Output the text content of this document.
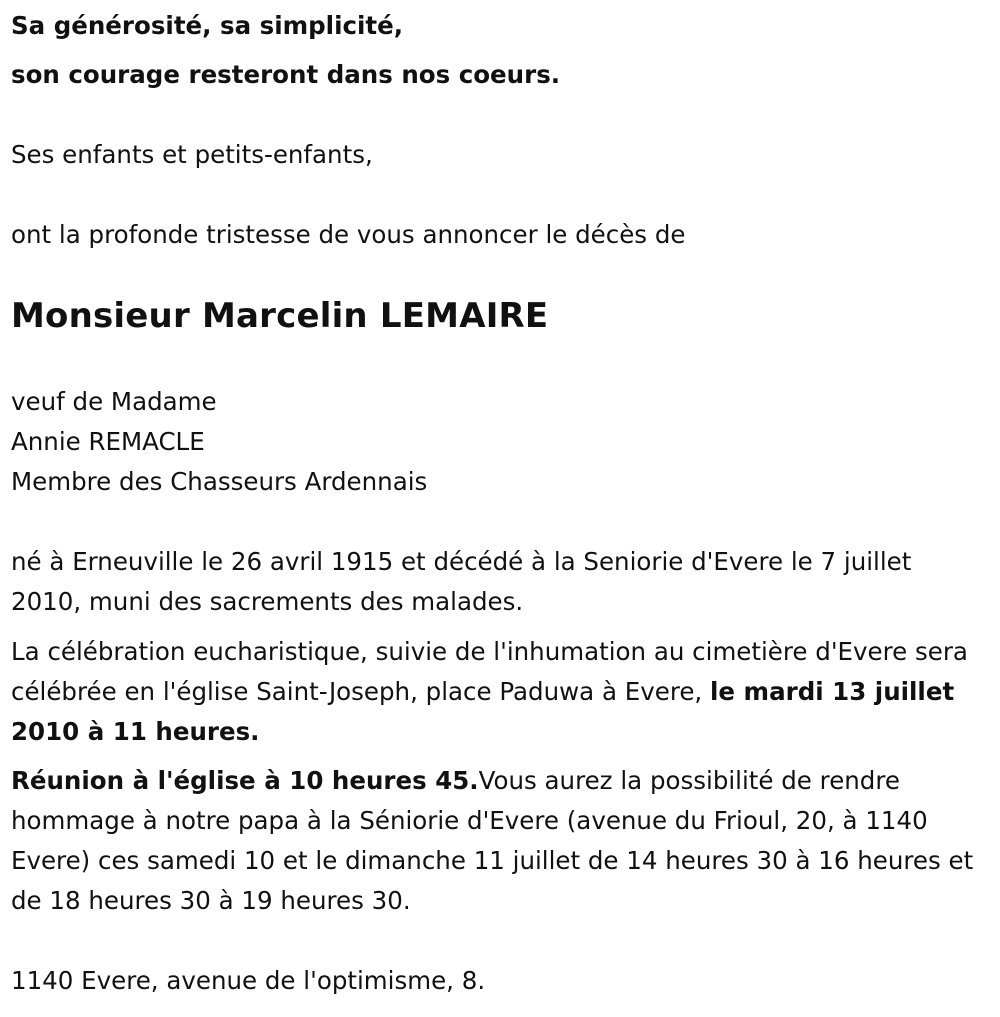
Sa générosité, sa simplicité,

son courage resteront dans nos coeurs.

Ses enfants et petits-enfants,

ont la profonde tristesse de vous annoncer le décès de

Monsieur Marcelin LEMAIRE

veuf de Madame

Annie REMACLE

Membre des Chasseurs Ardennais

né à Erneuville le 26 avril 1915 et décédé à la Seniorie d'Evere le 7 juillet 2010, muni des sacrements des malades.

La célébration eucharistique, suivie de l'inhumation au cimetière d'Evere sera célébrée en l'église Saint-Joseph, place Paduwa à Evere, le mardi 13 juillet 2010 à 11 heures.

Réunion à l'église à 10 heures 45.Vous aurez la possibilité de rendre hommage à notre papa à la Séniorie d'Evere (avenue du Frioul, 20, à 1140 Evere) ces samedi 10 et le dimanche 11 juillet de 14 heures 30 à 16 heures et de 18 heures 30 à 19 heures 30.

1140 Evere, avenue de l'optimisme, 8.
